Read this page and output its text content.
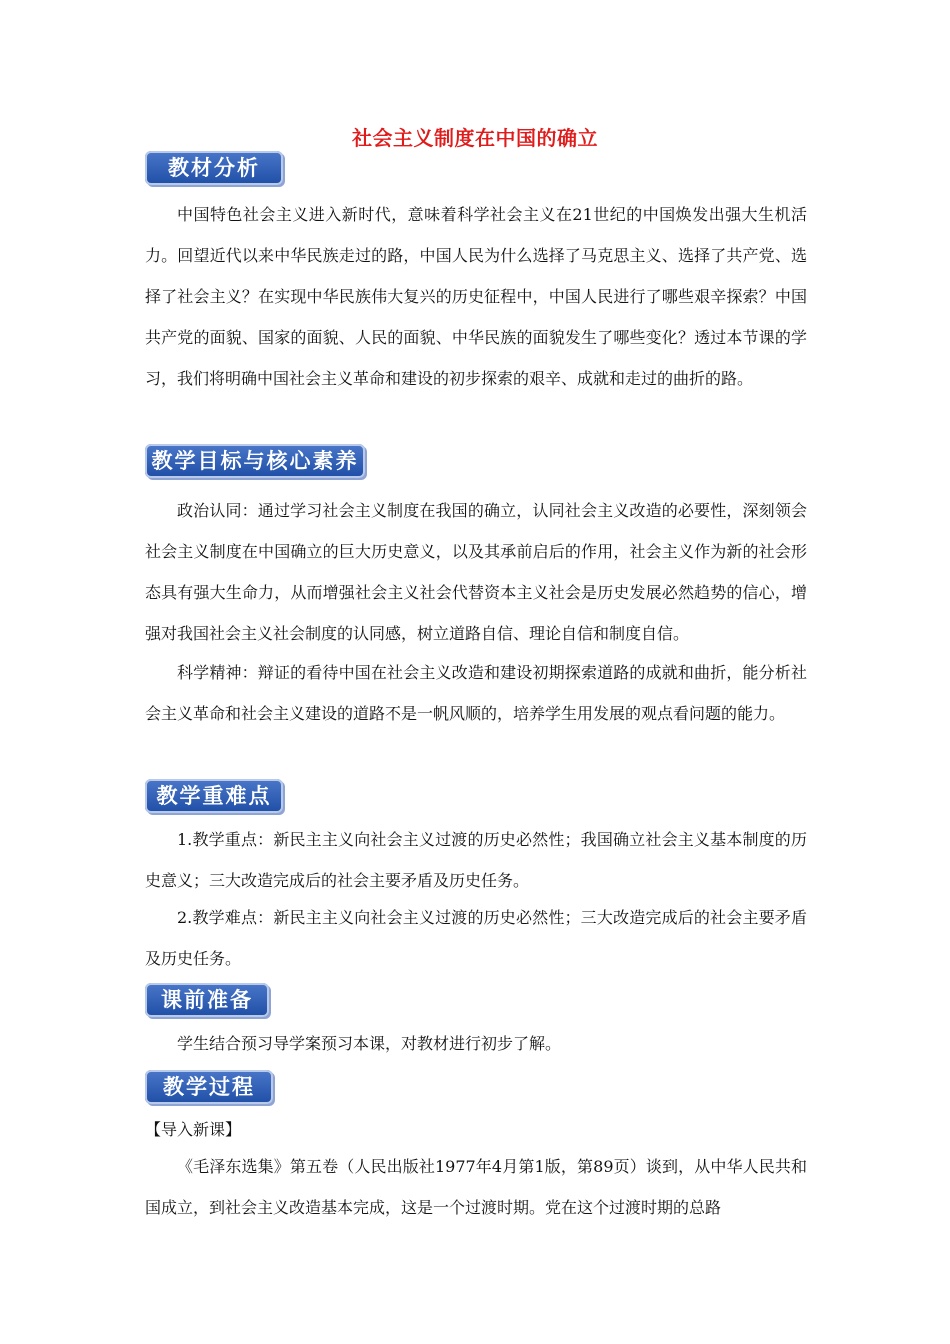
社会主义制度在中国的确立
教材分析
中国特色社会主义进入新时代，意味着科学社会主义在21世纪的中国焕发出强大生机活力。回望近代以来中华民族走过的路，中国人民为什么选择了马克思主义、选择了共产党、选择了社会主义？在实现中华民族伟大复兴的历史征程中，中国人民进行了哪些艰辛探索？中国共产党的面貌、国家的面貌、人民的面貌、中华民族的面貌发生了哪些变化？透过本节课的学习，我们将明确中国社会主义革命和建设的初步探索的艰辛、成就和走过的曲折的路。
教学目标与核心素养
政治认同：通过学习社会主义制度在我国的确立，认同社会主义改造的必要性，深刻领会社会主义制度在中国确立的巨大历史意义，以及其承前启后的作用，社会主义作为新的社会形态具有强大生命力，从而增强社会主义社会代替资本主义社会是历史发展必然趋势的信心，增强对我国社会主义社会制度的认同感，树立道路自信、理论自信和制度自信。
科学精神：辩证的看待中国在社会主义改造和建设初期探索道路的成就和曲折，能分析社会主义革命和社会主义建设的道路不是一帆风顺的，培养学生用发展的观点看问题的能力。
教学重难点
1.教学重点：新民主主义向社会主义过渡的历史必然性；我国确立社会主义基本制度的历史意义；三大改造完成后的社会主要矛盾及历史任务。
2.教学难点：新民主主义向社会主义过渡的历史必然性；三大改造完成后的社会主要矛盾及历史任务。
课前准备
学生结合预习导学案预习本课，对教材进行初步了解。
教学过程
【导入新课】
《毛泽东选集》第五卷（人民出版社1977年4月第1版，第89页）谈到，从中华人民共和国成立，到社会主义改造基本完成，这是一个过渡时期。党在这个过渡时期的总路
